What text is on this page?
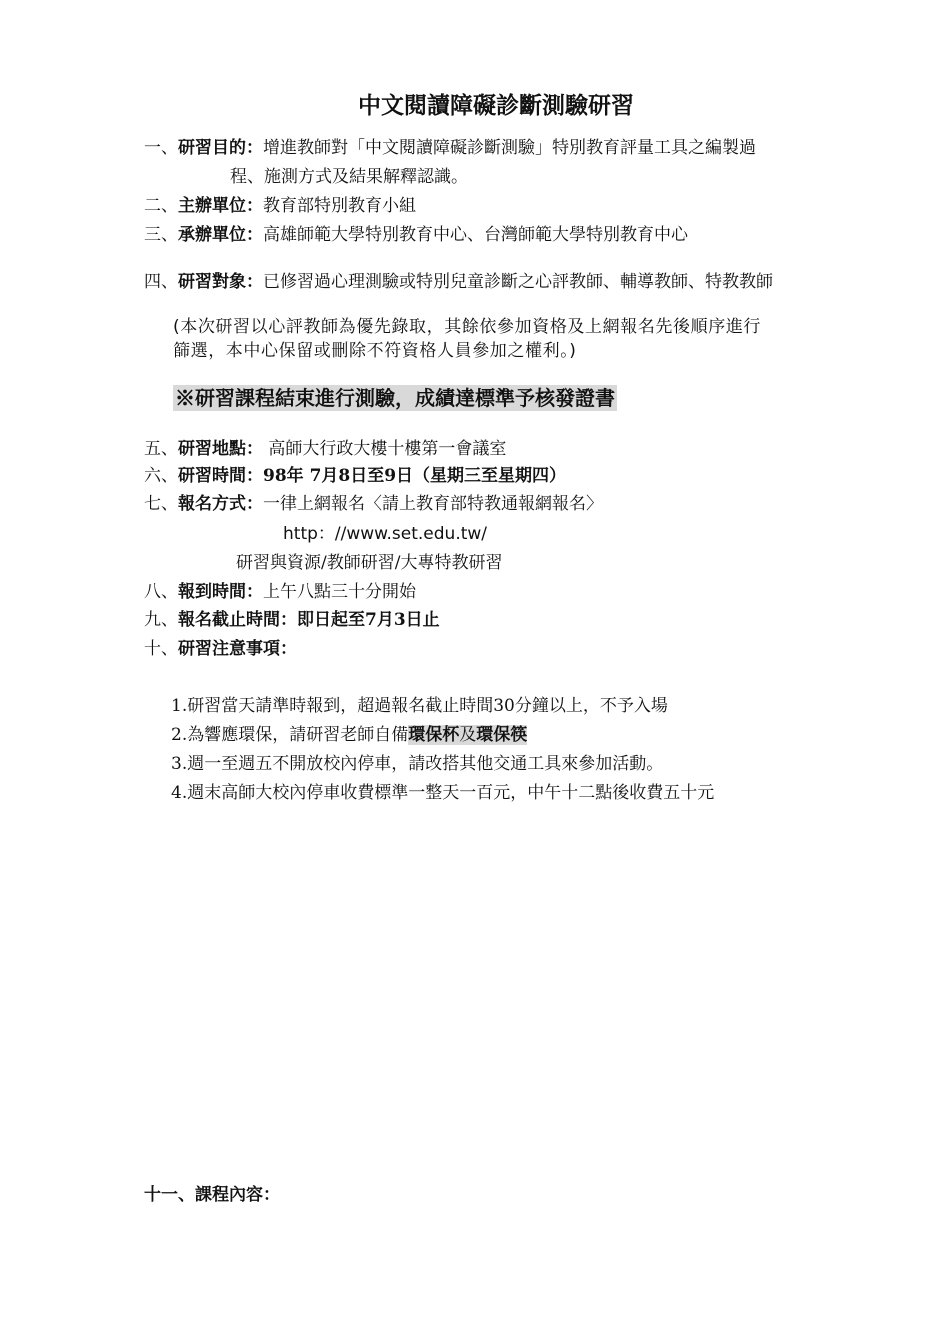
中文閱讀障礙診斷測驗研習
一、研習目的：增進教師對「中文閱讀障礙診斷測驗」特別教育評量工具之編製過
程、施測方式及結果解釋認識。
二、主辦單位：教育部特別教育小組
三、承辦單位：高雄師範大學特別教育中心、台灣師範大學特別教育中心
四、研習對象：已修習過心理測驗或特別兒童診斷之心評教師、輔導教師、特教教師
(本次研習以心評教師為優先錄取，其餘依參加資格及上網報名先後順序進行
篩選，本中心保留或刪除不符資格人員參加之權利。)
※研習課程結束進行測驗，成績達標準予核發證書
五、研習地點： 高師大行政大樓十樓第一會議室
六、研習時間：98年 7月8日至9日（星期三至星期四）
七、報名方式：一律上網報名〈請上教育部特教通報網報名〉
http：//www.set.edu.tw/
研習與資源/教師研習/大專特教研習
八、報到時間：上午八點三十分開始
九、報名截止時間：即日起至7月3日止
十、研習注意事項：
1.研習當天請準時報到，超過報名截止時間30分鐘以上，不予入場
2.為響應環保，請研習老師自備環保杯及環保筷
3.週一至週五不開放校內停車，請改搭其他交通工具來參加活動。
4.週末高師大校內停車收費標準一整天一百元，中午十二點後收費五十元
十一、課程內容：
